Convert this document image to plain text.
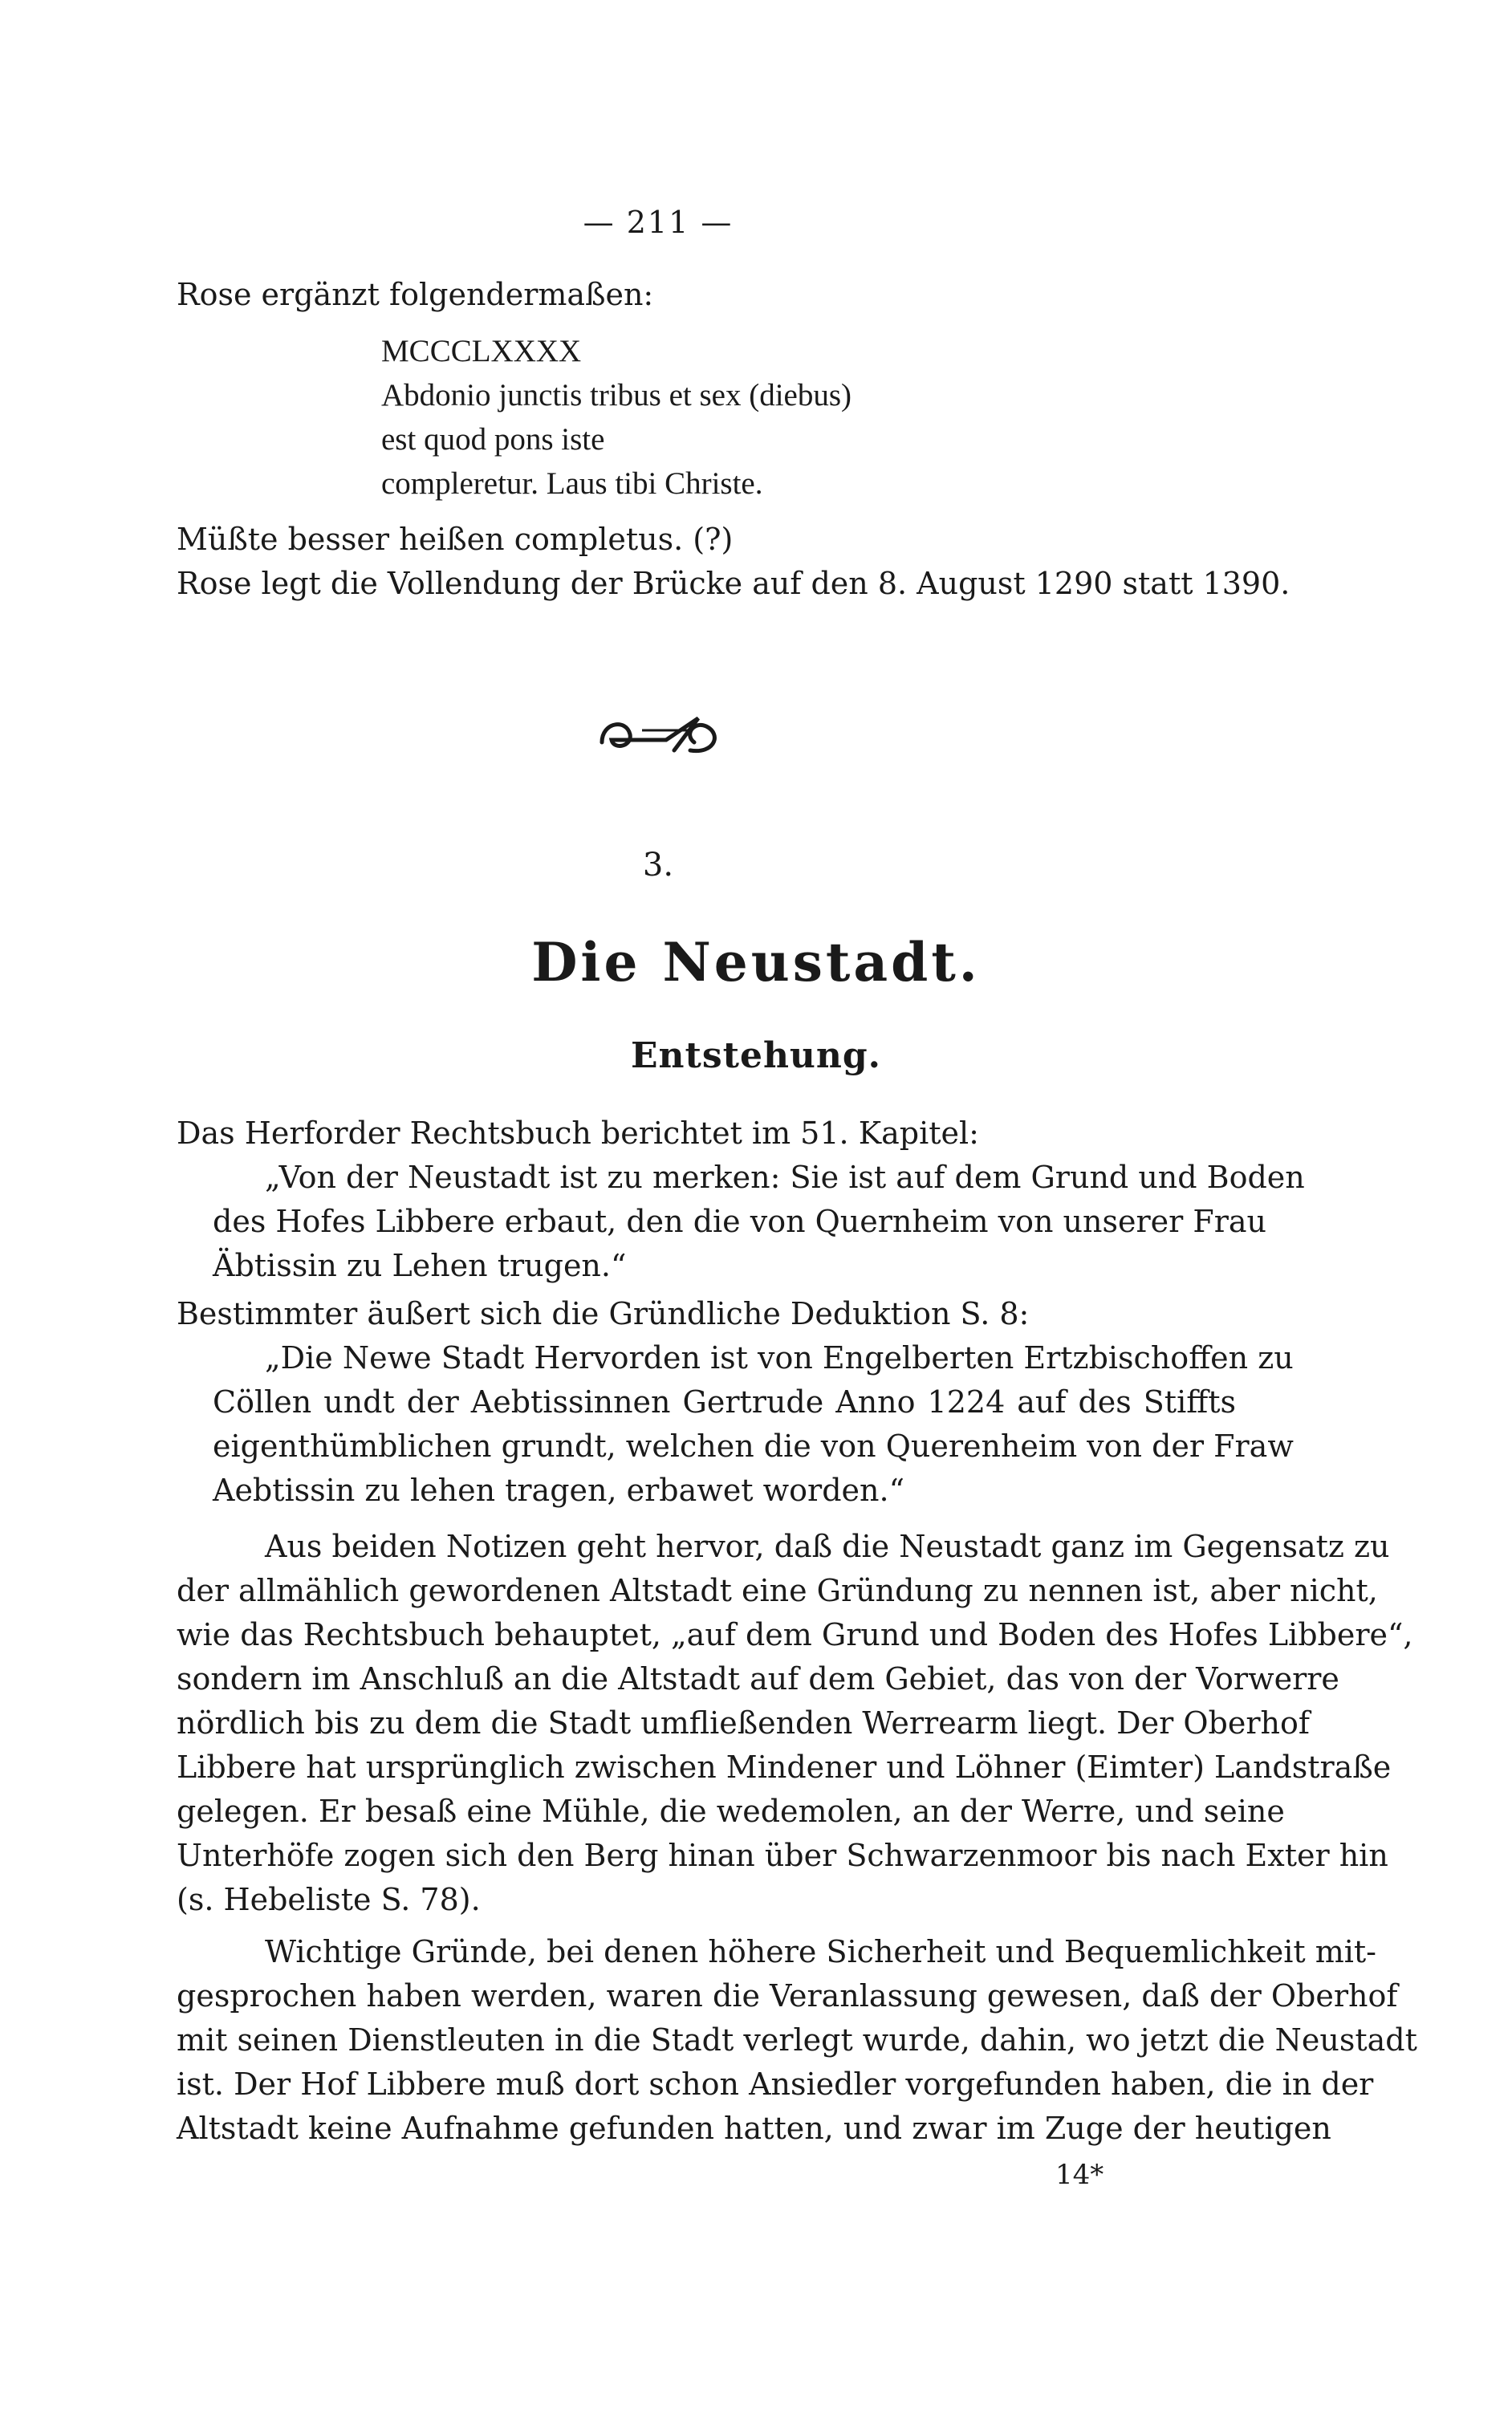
— 211 —
Rose ergänzt folgendermaßen:
MCCCLXXXX
Abdonio junctis tribus et sex (diebus)
est quod pons iste
compleretur. Laus tibi Christe.
Müßte besser heißen completus. (?)
Rose legt die Vollendung der Brücke auf den 8. August 1290 statt 1390.
3.
Die Neustadt.
Entstehung.
Das Herforder Rechtsbuch berichtet im 51. Kapitel:
„Von der Neustadt ist zu merken: Sie ist auf dem Grund und Boden
des Hofes Libbere erbaut, den die von Quernheim von unserer Frau
Äbtissin zu Lehen trugen.“
Bestimmter äußert sich die Gründliche Deduktion S. 8:
„Die Newe Stadt Hervorden ist von Engelberten Ertzbischoffen zu
Cöllen undt der Aebtissinnen Gertrude Anno 1224 auf des Stiffts
eigenthümblichen grundt, welchen die von Querenheim von der Fraw
Aebtissin zu lehen tragen, erbawet worden.“
Aus beiden Notizen geht hervor, daß die Neustadt ganz im Gegensatz zu
der allmählich gewordenen Altstadt eine Gründung zu nennen ist, aber nicht,
wie das Rechtsbuch behauptet, „auf dem Grund und Boden des Hofes Libbere“,
sondern im Anschluß an die Altstadt auf dem Gebiet, das von der Vorwerre
nördlich bis zu dem die Stadt umfließenden Werrearm liegt. Der Oberhof
Libbere hat ursprünglich zwischen Mindener und Löhner (Eimter) Landstraße
gelegen. Er besaß eine Mühle, die wedemolen, an der Werre, und seine
Unterhöfe zogen sich den Berg hinan über Schwarzenmoor bis nach Exter hin
(s. Hebeliste S. 78).
Wichtige Gründe, bei denen höhere Sicherheit und Bequemlichkeit mit-
gesprochen haben werden, waren die Veranlassung gewesen, daß der Oberhof
mit seinen Dienstleuten in die Stadt verlegt wurde, dahin, wo jetzt die Neustadt
ist. Der Hof Libbere muß dort schon Ansiedler vorgefunden haben, die in der
Altstadt keine Aufnahme gefunden hatten, und zwar im Zuge der heutigen
14*
